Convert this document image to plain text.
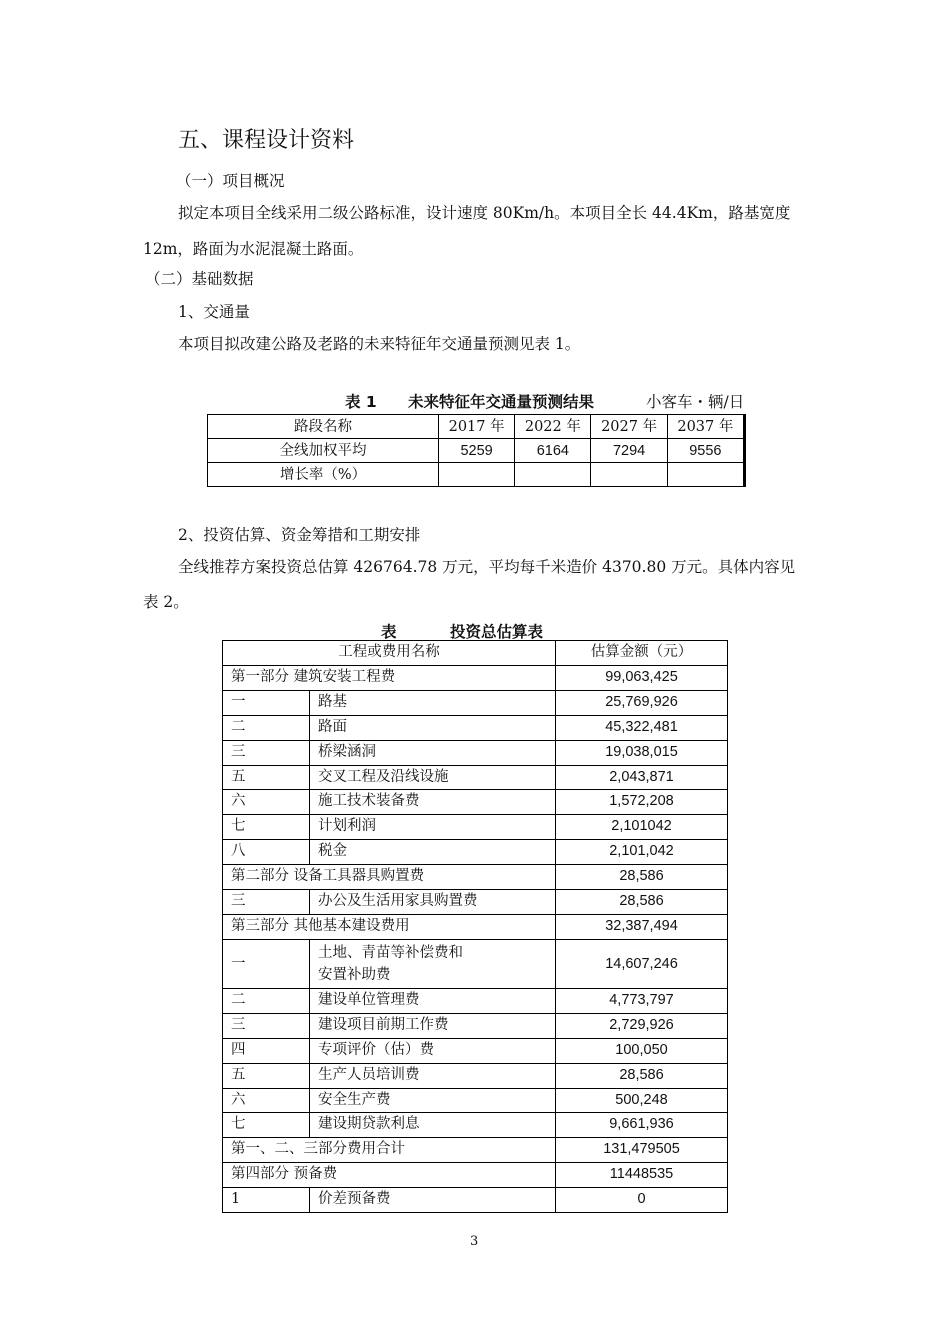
五、课程设计资料
（一）项目概况
拟定本项目全线采用二级公路标准，设计速度 80Km/h。本项目全长 44.4Km，路基宽度
12m，路面为水泥混凝土路面。
（二）基础数据
1、交通量
本项目拟改建公路及老路的未来特征年交通量预测见表 1。
表 1 未来特征年交通量预测结果	小客车・辆/日
路段名称	2017 年	2022 年	2027 年	2037 年
全线加权平均	5259	6164	7294	9556
增长率（%）				
2、投资估算、资金筹措和工期安排
全线推荐方案投资总估算 426764.78 万元，平均每千米造价 4370.80 万元。具体内容见
表 2。
表	投资总估算表
工程或费用名称		估算金额（元）
第一部分 建筑安装工程费		99,063,425
一	路基	25,769,926
二	路面	45,322,481
三	桥梁涵洞	19,038,015
五	交叉工程及沿线设施	2,043,871
六	施工技术装备费	1,572,208
七	计划利润	2,101042
八	税金	2,101,042
第二部分 设备工具器具购置费		28,586
三	办公及生活用家具购置费	28,586
第三部分 其他基本建设费用		32,387,494
一	土地、青苗等补偿费和
安置补助费	14,607,246
二	建设单位管理费	4,773,797
三	建设项目前期工作费	2,729,926
四	专项评价（估）费	100,050
五	生产人员培训费	28,586
六	安全生产费	500,248
七	建设期贷款利息	9,661,936
第一、二、三部分费用合计		131,479505
第四部分 预备费		11448535
1	价差预备费	0
3
